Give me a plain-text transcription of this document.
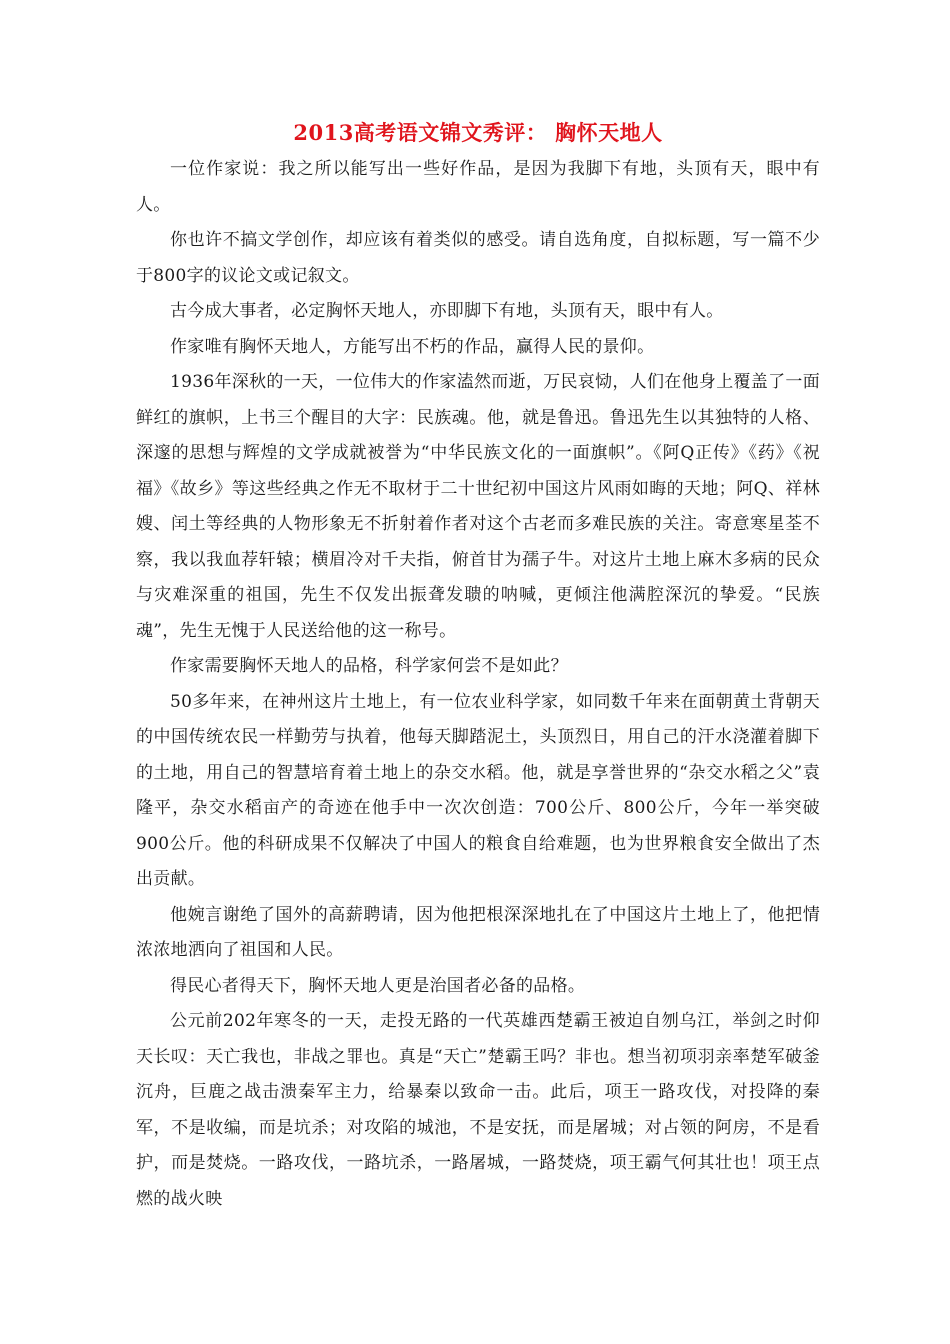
2013高考语文锦文秀评： 胸怀天地人

一位作家说：我之所以能写出一些好作品，是因为我脚下有地，头顶有天，眼中有人。

你也许不搞文学创作，却应该有着类似的感受。请自选角度，自拟标题，写一篇不少于800字的议论文或记叙文。

古今成大事者，必定胸怀天地人，亦即脚下有地，头顶有天，眼中有人。

作家唯有胸怀天地人，方能写出不朽的作品，赢得人民的景仰。

1936年深秋的一天，一位伟大的作家溘然而逝，万民哀恸，人们在他身上覆盖了一面鲜红的旗帜，上书三个醒目的大字：民族魂。他，就是鲁迅。鲁迅先生以其独特的人格、深邃的思想与辉煌的文学成就被誉为“中华民族文化的一面旗帜”。《阿Q正传》《药》《祝福》《故乡》等这些经典之作无不取材于二十世纪初中国这片风雨如晦的天地；阿Q、祥林嫂、闰土等经典的人物形象无不折射着作者对这个古老而多难民族的关注。寄意寒星荃不察，我以我血荐轩辕；横眉冷对千夫指，俯首甘为孺子牛。对这片土地上麻木多病的民众与灾难深重的祖国，先生不仅发出振聋发聩的呐喊，更倾注他满腔深沉的挚爱。“民族魂”，先生无愧于人民送给他的这一称号。

作家需要胸怀天地人的品格，科学家何尝不是如此？

50多年来，在神州这片土地上，有一位农业科学家，如同数千年来在面朝黄土背朝天的中国传统农民一样勤劳与执着，他每天脚踏泥土，头顶烈日，用自己的汗水浇灌着脚下的土地，用自己的智慧培育着土地上的杂交水稻。他，就是享誉世界的“杂交水稻之父”袁隆平，杂交水稻亩产的奇迹在他手中一次次创造：700公斤、800公斤，今年一举突破900公斤。他的科研成果不仅解决了中国人的粮食自给难题，也为世界粮食安全做出了杰出贡献。

他婉言谢绝了国外的高薪聘请，因为他把根深深地扎在了中国这片土地上了，他把情浓浓地洒向了祖国和人民。

得民心者得天下，胸怀天地人更是治国者必备的品格。

公元前202年寒冬的一天，走投无路的一代英雄西楚霸王被迫自刎乌江，举剑之时仰天长叹：天亡我也，非战之罪也。真是“天亡”楚霸王吗？非也。想当初项羽亲率楚军破釜沉舟，巨鹿之战击溃秦军主力，给暴秦以致命一击。此后，项王一路攻伐，对投降的秦军，不是收编，而是坑杀；对攻陷的城池，不是安抚，而是屠城；对占领的阿房，不是看护，而是焚烧。一路攻伐，一路坑杀，一路屠城，一路焚烧，项王霸气何其壮也！项王点燃的战火映
